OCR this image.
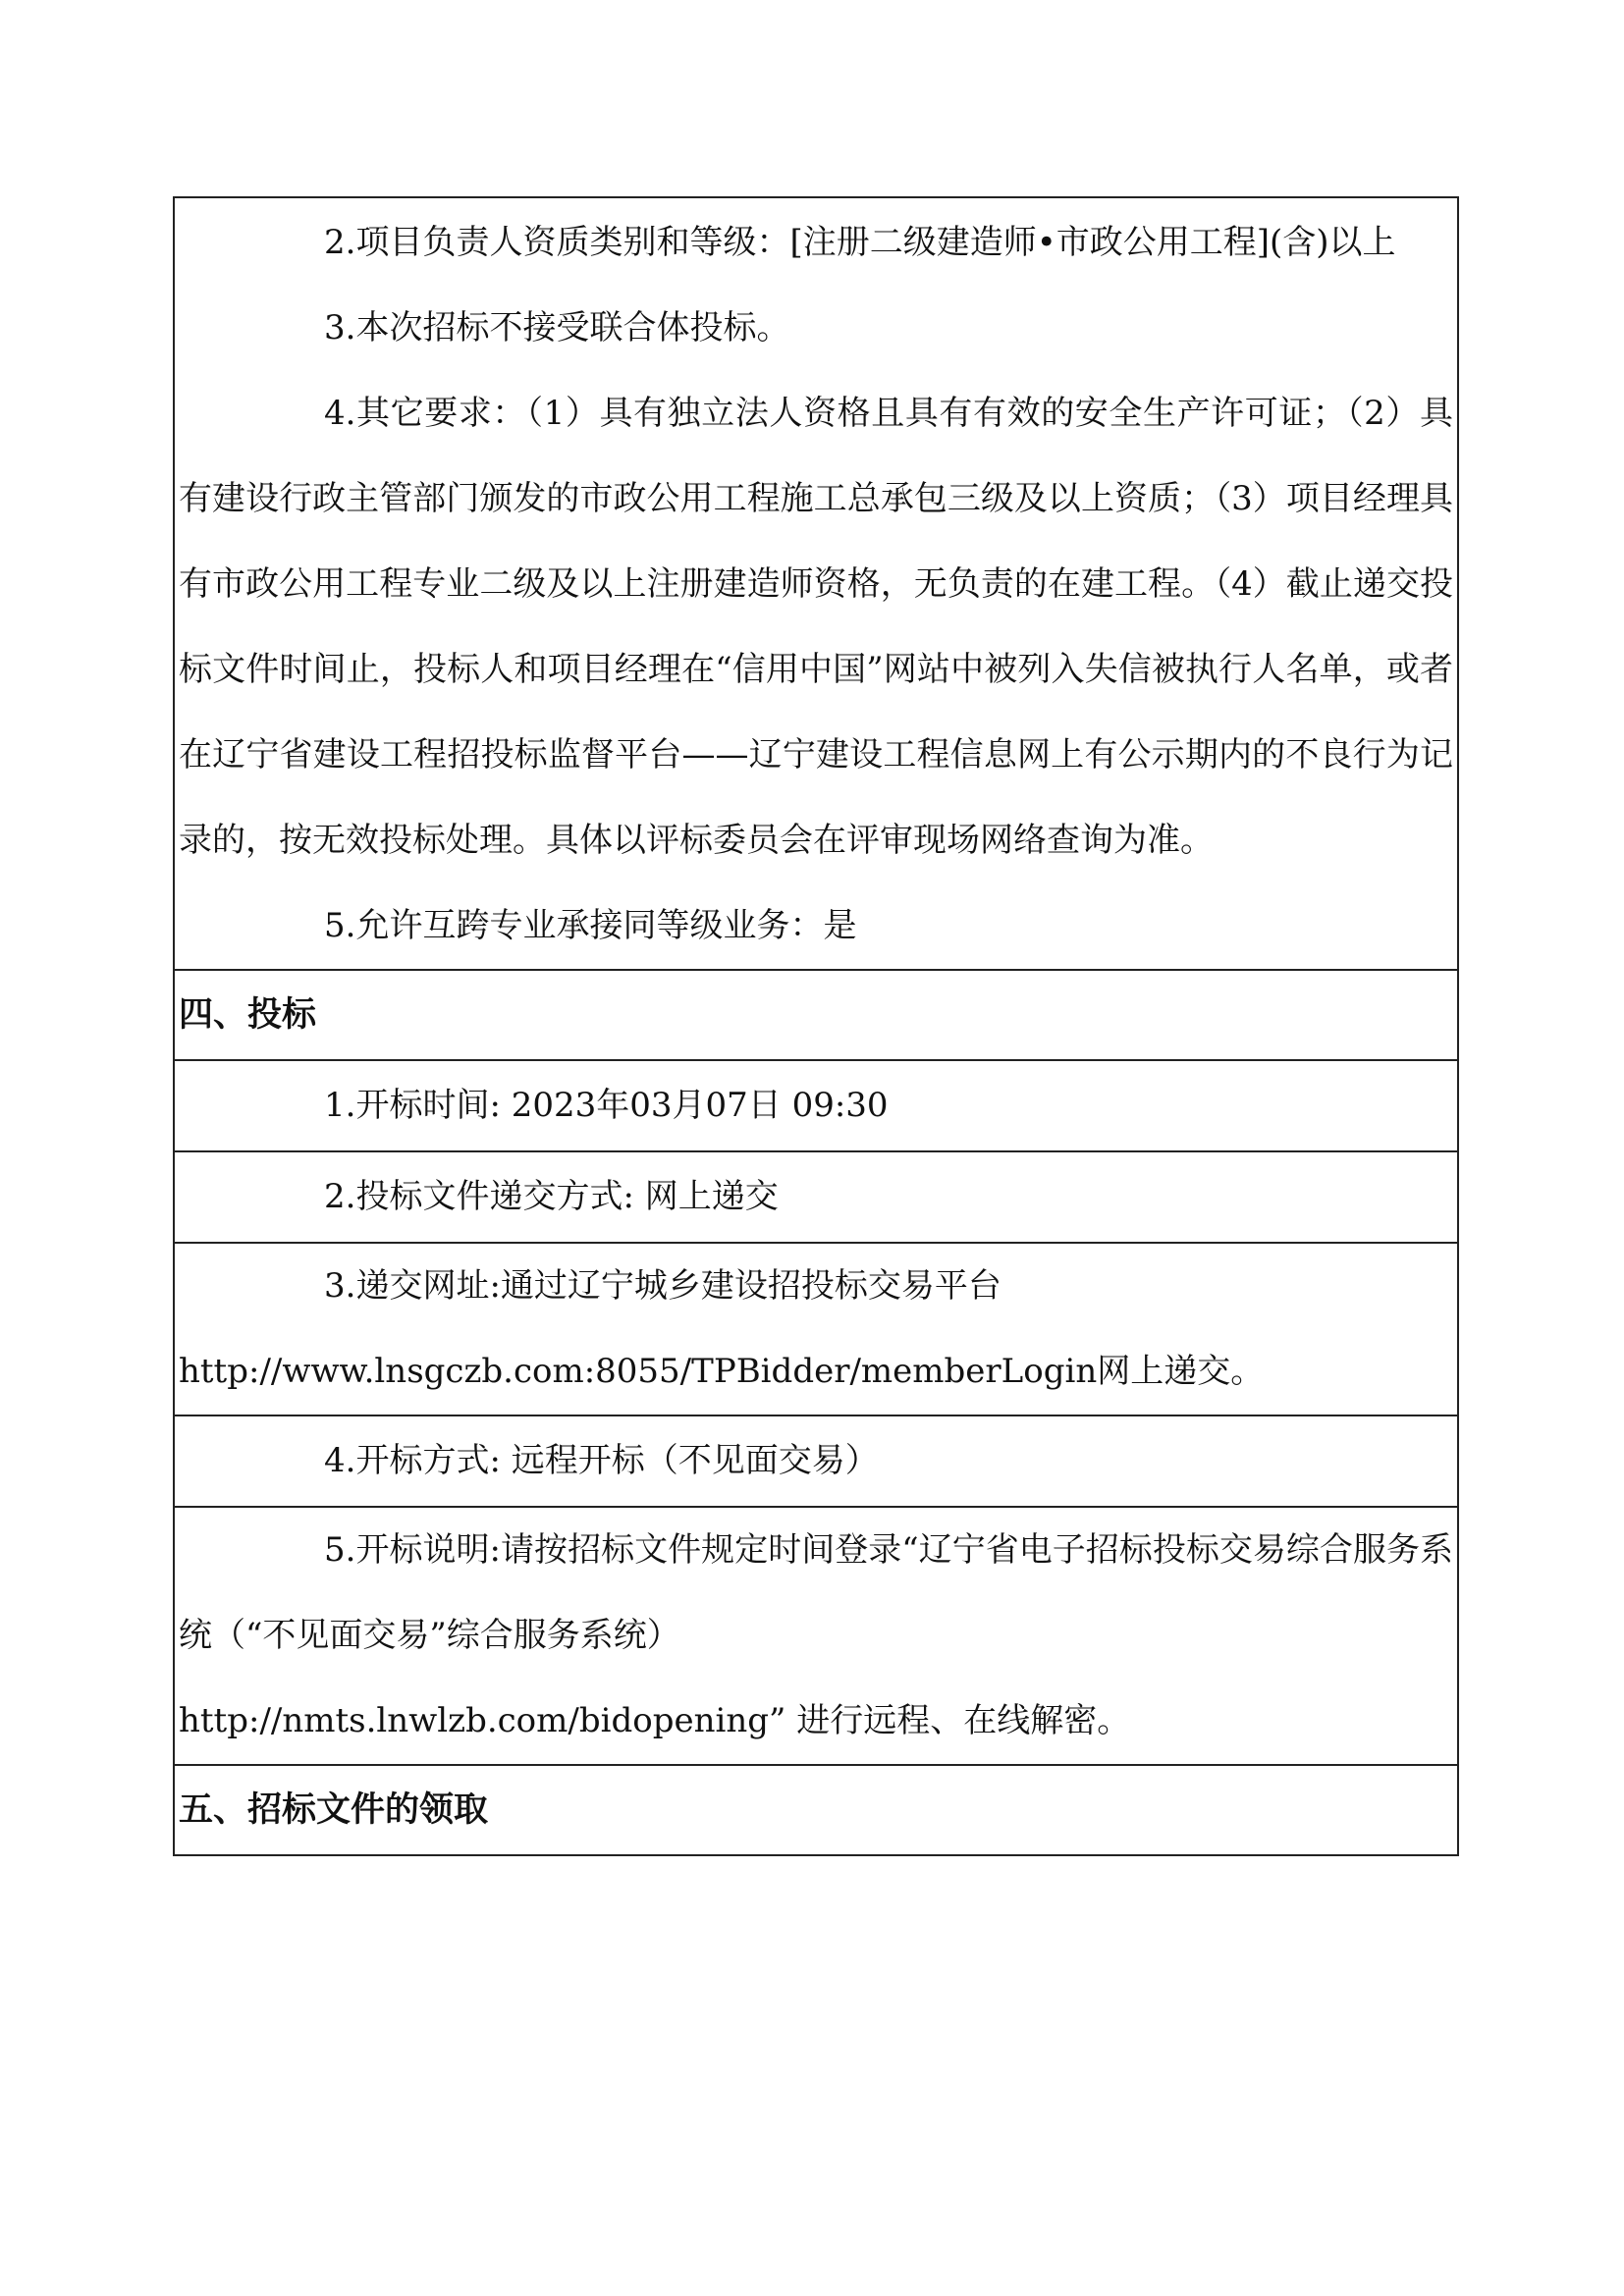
2.项目负责人资质类别和等级：[注册二级建造师•市政公用工程](含)以上

3.本次招标不接受联合体投标。

4.其它要求：（1）具有独立法人资格且具有有效的安全生产许可证；（2）具有建设行政主管部门颁发的市政公用工程施工总承包三级及以上资质；（3）项目经理具有市政公用工程专业二级及以上注册建造师资格，无负责的在建工程。（4）截止递交投标文件时间止，投标人和项目经理在“信用中国”网站中被列入失信被执行人名单，或者在辽宁省建设工程招投标监督平台——辽宁建设工程信息网上有公示期内的不良行为记录的，按无效投标处理。具体以评标委员会在评审现场网络查询为准。

5.允许互跨专业承接同等级业务：是

四、投标

1.开标时间: 2023年03月07日 09:30

2.投标文件递交方式: 网上递交

3.递交网址:通过辽宁城乡建设招投标交易平台

http://www.lnsgczb.com:8055/TPBidder/memberLogin网上递交。

4.开标方式: 远程开标（不见面交易）

5.开标说明:请按招标文件规定时间登录“辽宁省电子招标投标交易综合服务系统（“不见面交易”综合服务系统）

http://nmts.lnwlzb.com/bidopening” 进行远程、在线解密。

五、招标文件的领取
